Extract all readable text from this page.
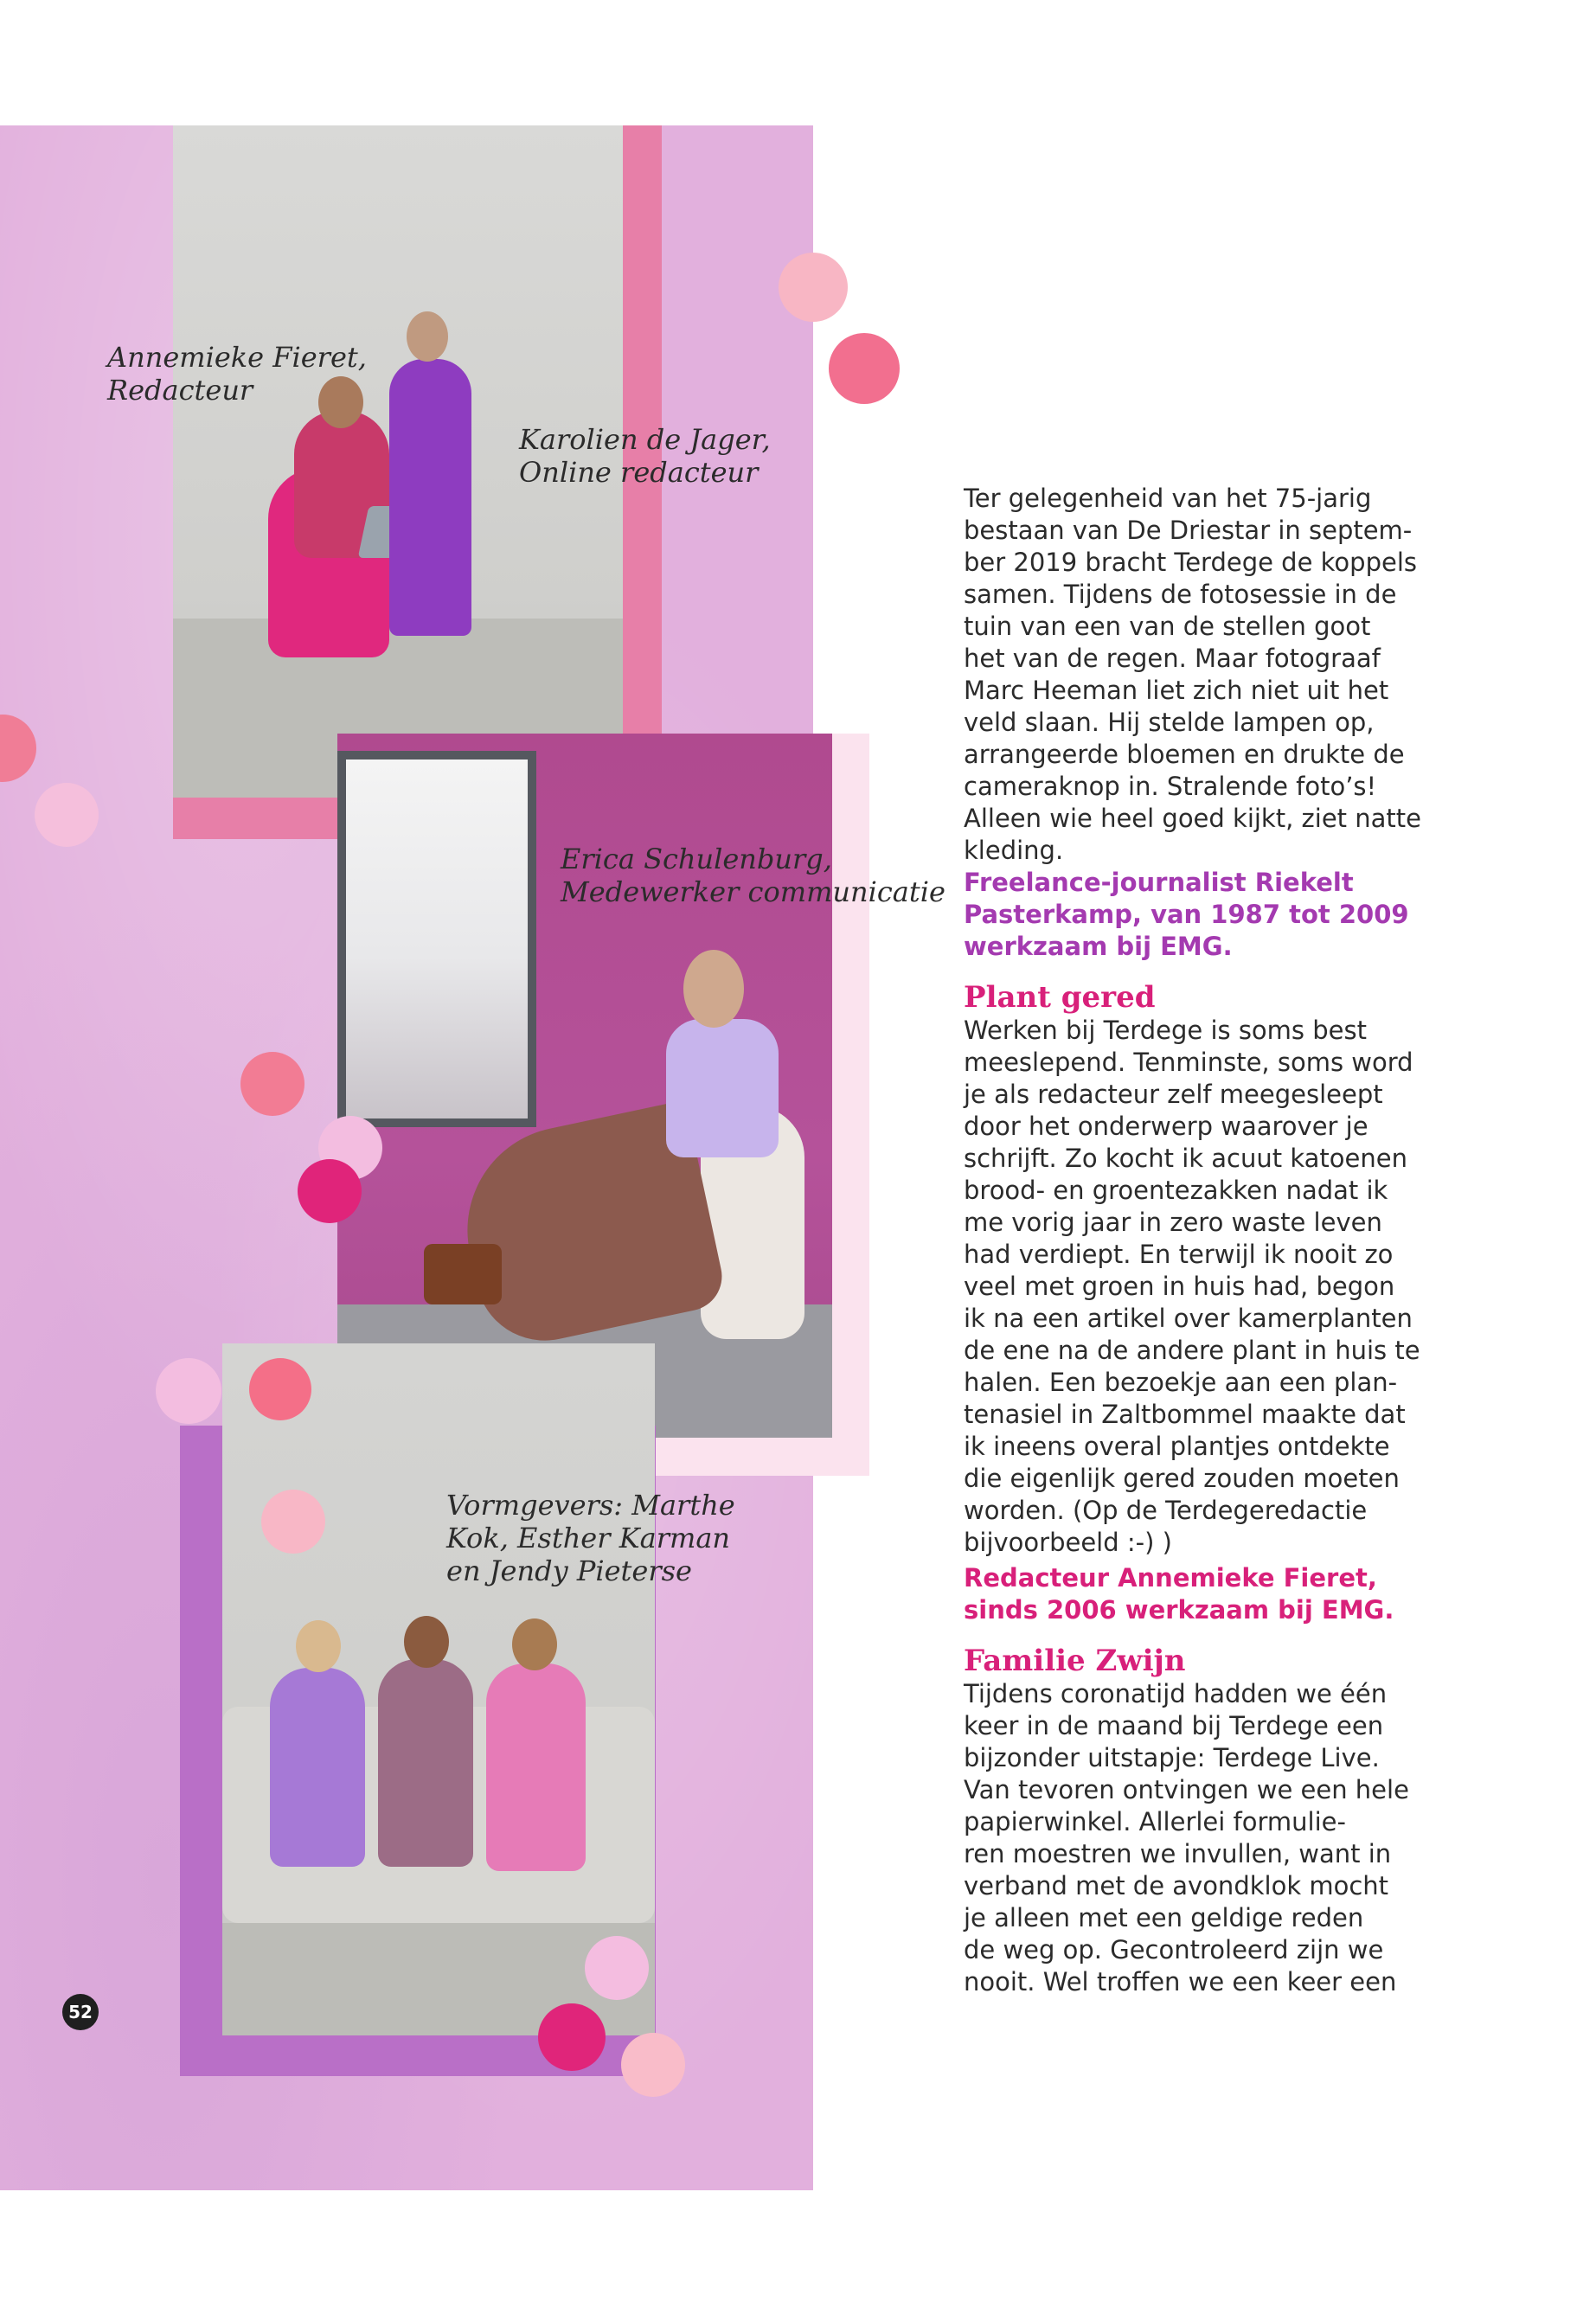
Annemieke Fieret,
Redacteur
Karolien de Jager,
Online redacteur
Erica Schulenburg,
Medewerker communicatie
Vormgevers: Marthe
Kok, Esther Karman
en Jendy Pieterse

Ter gelegenheid van het 75-jarig
bestaan van De Driestar in septem-
ber 2019 bracht Terdege de koppels
samen. Tijdens de fotosessie in de
tuin van een van de stellen goot
het van de regen. Maar fotograaf
Marc Heeman liet zich niet uit het
veld slaan. Hij stelde lampen op,
arrangeerde bloemen en drukte de
cameraknop in. Stralende foto’s!
Alleen wie heel goed kijkt, ziet natte
kleding.

Freelance-journalist Riekelt
Pasterkamp, van 1987 tot 2009
werkzaam bij EMG.

Plant gered

Werken bij Terdege is soms best
meeslepend. Tenminste, soms word
je als redacteur zelf meegesleept
door het onderwerp waarover je
schrijft. Zo kocht ik acuut katoenen
brood- en groentezakken nadat ik
me vorig jaar in zero waste leven
had verdiept. En terwijl ik nooit zo
veel met groen in huis had, begon
ik na een artikel over kamerplanten
de ene na de andere plant in huis te
halen. Een bezoekje aan een plan-
tenasiel in Zaltbommel maakte dat
ik ineens overal plantjes ontdekte
die eigenlijk gered zouden moeten
worden. (Op de Terdegeredactie
bijvoorbeeld :-) )

Redacteur Annemieke Fieret,
sinds 2006 werkzaam bij EMG.

Familie Zwijn

Tijdens coronatijd hadden we één
keer in de maand bij Terdege een
bijzonder uitstapje: Terdege Live.
Van tevoren ontvingen we een hele
papierwinkel. Allerlei formulie-
ren moestren we invullen, want in
verband met de avondklok mocht
je alleen met een geldige reden
de weg op. Gecontroleerd zijn we
nooit. Wel troffen we een keer een

52
